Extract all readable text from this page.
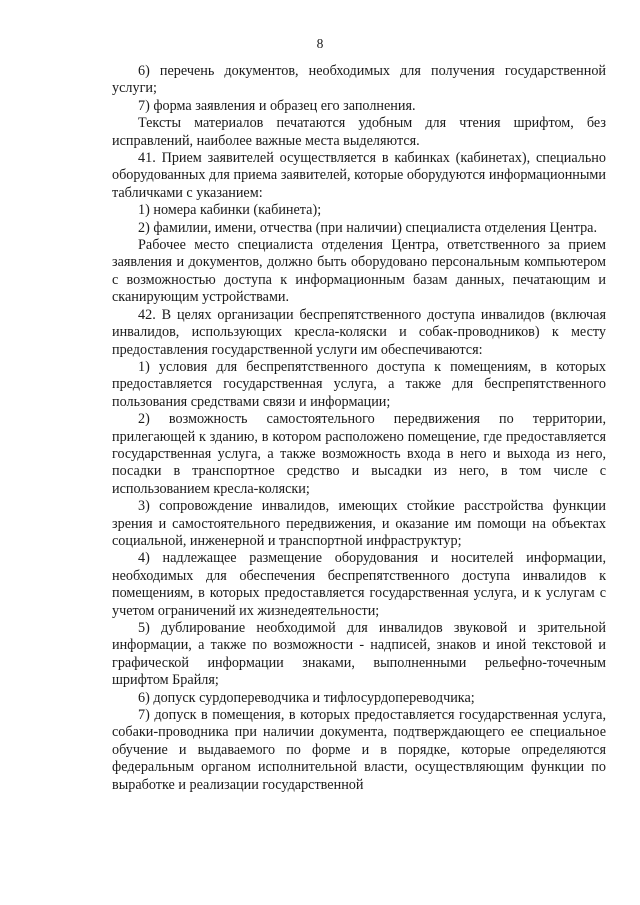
8

6) перечень документов, необходимых для получения государственной услуги;

7) форма заявления и образец его заполнения.

Тексты материалов печатаются удобным для чтения шрифтом, без исправлений, наиболее важные места выделяются.

41. Прием заявителей осуществляется в кабинках (кабинетах), специально оборудованных для приема заявителей, которые оборудуются информационными табличками с указанием:

1) номера кабинки (кабинета);

2) фамилии, имени, отчества (при наличии) специалиста отделения Центра.

Рабочее место специалиста отделения Центра, ответственного за прием заявления и документов, должно быть оборудовано персональным компьютером с возможностью доступа к информационным базам данных, печатающим и сканирующим устройствами.

42. В целях организации беспрепятственного доступа инвалидов (включая инвалидов, использующих кресла-коляски и собак-проводников) к месту предоставления государственной услуги им обеспечиваются:

1) условия для беспрепятственного доступа к помещениям, в которых предоставляется государственная услуга, а также для беспрепятственного пользования средствами связи и информации;

2) возможность самостоятельного передвижения по территории, прилегающей к зданию, в котором расположено помещение, где предоставляется государственная услуга, а также возможность входа в него и выхода из него, посадки в транспортное средство и высадки из него, в том числе с использованием кресла-коляски;

3) сопровождение инвалидов, имеющих стойкие расстройства функции зрения и самостоятельного передвижения, и оказание им помощи на объектах социальной, инженерной и транспортной инфраструктур;

4) надлежащее размещение оборудования и носителей информации, необходимых для обеспечения беспрепятственного доступа инвалидов к помещениям, в которых предоставляется государственная услуга, и к услугам с учетом ограничений их жизнедеятельности;

5) дублирование необходимой для инвалидов звуковой и зрительной информации, а также по возможности - надписей, знаков и иной текстовой и графической информации знаками, выполненными рельефно-точечным шрифтом Брайля;

6) допуск сурдопереводчика и тифлосурдопереводчика;

7) допуск в помещения, в которых предоставляется государственная услуга, собаки-проводника при наличии документа, подтверждающего ее специальное обучение и выдаваемого по форме и в порядке, которые определяются федеральным органом исполнительной власти, осуществляющим функции по выработке и реализации государственной
